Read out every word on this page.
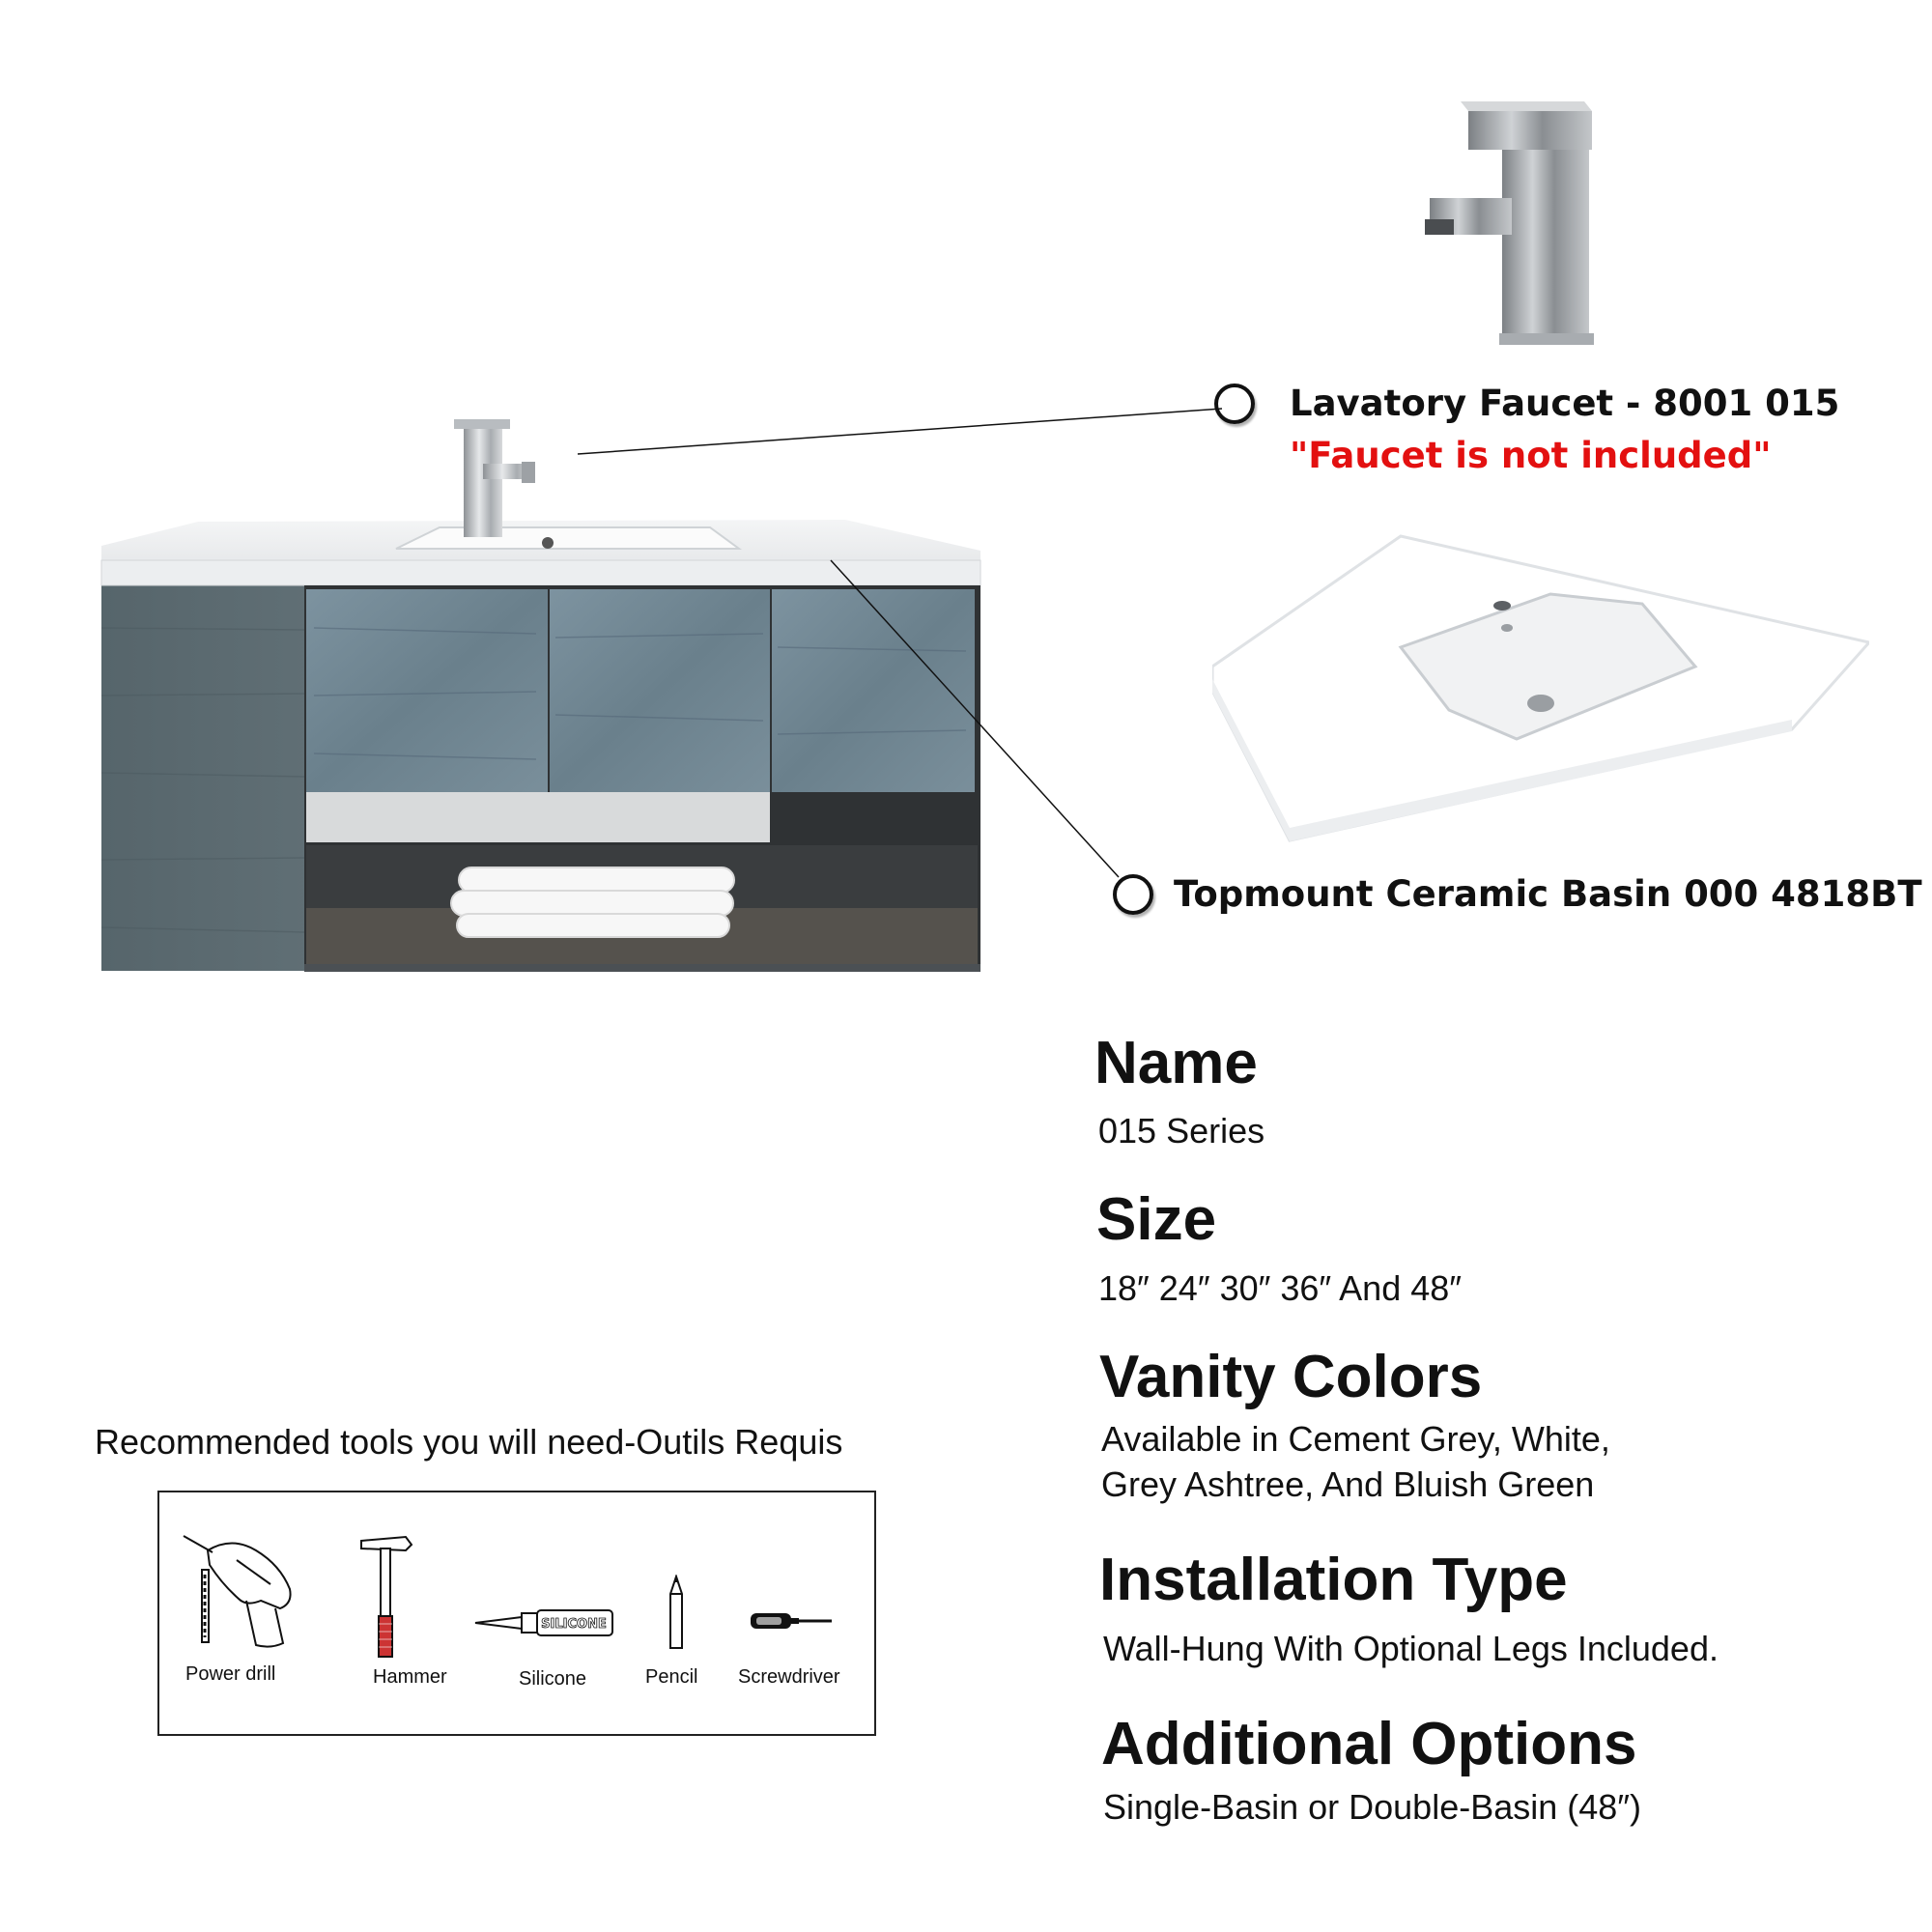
Lavatory Faucet - 8001 015
"Faucet is not included"
Topmount Ceramic Basin 000 4818BT
Name
015 Series
Size
18″ 24″ 30″ 36″ And 48″
Vanity Colors
Available in Cement Grey, White,
Grey Ashtree, And Bluish Green
Installation Type
Wall-Hung With Optional Legs Included.
Additional Options
Single-Basin or Double-Basin (48″)
Recommended tools you will need-Outils Requis
Power drill	Hammer
SILICONE
Silicone	Pencil Screwdriver
